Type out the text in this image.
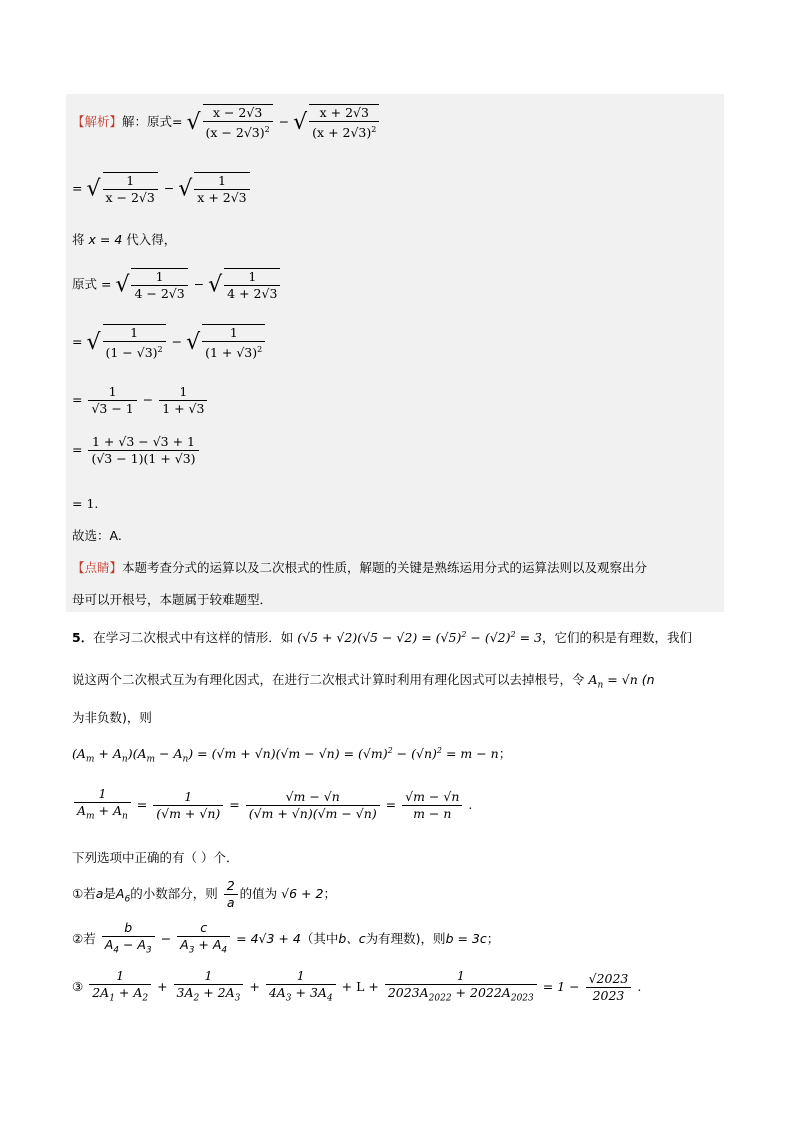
【解析】解：原式= √ $\frac{x - 2√3}{(x - 2√3)^2}$ − √ $\frac{x + 2√3}{(x + 2√3)^2}$
= √ $\frac{1}{x - 2√3}$ − √ $\frac{1}{x + 2√3}$
将 x = 4 代入得，
原式 = √ $\frac{1}{4 - 2√3}$ − √ $\frac{1}{4 + 2√3}$
= √ $\frac{1}{(1 - √3)^2}$ − √ $\frac{1}{(1 + √3)^2}$
= $\frac{1}{√3 - 1} - \frac{1}{1 + √3}$
= $\frac{1 + √3 - √3 + 1}{(√3 - 1)(1 + √3)}$
= 1.
故选：A.
【点睛】本题考查分式的运算以及二次根式的性质，解题的关键是熟练运用分式的运算法则以及观察出分
母可以开根号，本题属于较难题型．
5．在学习二次根式中有这样的情形．如 $(√5 + √2)(√5 - √2) = (√5)^2 - (√2)^2 = 3$，它们的积是有理数，我们
说这两个二次根式互为有理化因式，在进行二次根式计算时利用有理化因式可以去掉根号，令 $A_n = √n$ (n
为非负数)，则
$(A_m + A_n)(A_m - A_n) = (√m + √n)(√m - √n) = (√m)^2 - (√n)^2 = m - n$；
$\frac{1}{A_m + A_n} = \frac{1}{(√m + √n)} = \frac{√m - √n}{(√m + √n)(√m - √n)} = \frac{√m - √n}{m - n}$ .
下列选项中正确的有（ ）个．
①若a是$A_6$的小数部分，则 $\frac{2}{a}$ 的值为 √6 + 2；
②若 $\frac{b}{A_4 - A_3} - \frac{c}{A_3 + A_4} = 4√3 + 4$（其中b、c为有理数)，则b = 3c；
③ $\frac{1}{2A_1 + A_2} + \frac{1}{3A_2 + 2A_3} + \frac{1}{4A_3 + 3A_4} + L + \frac{1}{2023A_{2022} + 2022A_{2023}} = 1 - \frac{√2023}{2023}$ .
